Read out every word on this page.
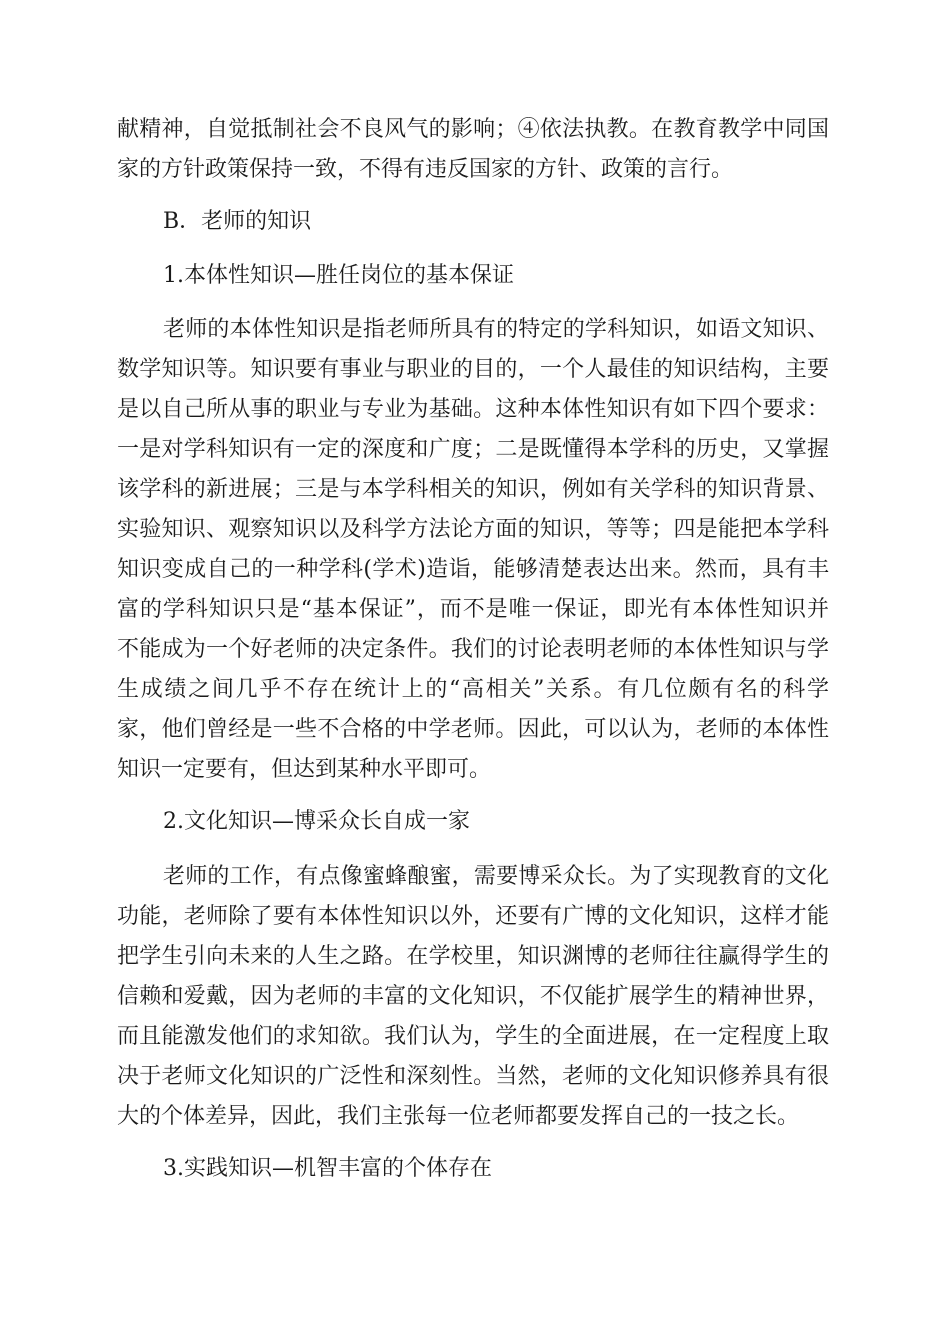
献精神，自觉抵制社会不良风气的影响；④依法执教。在教育教学中同国
家的方针政策保持一致，不得有违反国家的方针、政策的言行。
B．老师的知识
1.本体性知识—胜任岗位的基本保证
老师的本体性知识是指老师所具有的特定的学科知识，如语文知识、
数学知识等。知识要有事业与职业的目的，一个人最佳的知识结构，主要
是以自己所从事的职业与专业为基础。这种本体性知识有如下四个要求：
一是对学科知识有一定的深度和广度；二是既懂得本学科的历史，又掌握
该学科的新进展；三是与本学科相关的知识，例如有关学科的知识背景、
实验知识、观察知识以及科学方法论方面的知识，等等；四是能把本学科
知识变成自己的一种学科(学术)造诣，能够清楚表达出来。然而，具有丰
富的学科知识只是“基本保证”，而不是唯一保证，即光有本体性知识并
不能成为一个好老师的决定条件。我们的讨论表明老师的本体性知识与学
生成绩之间几乎不存在统计上的“高相关”关系。有几位颇有名的科学
家，他们曾经是一些不合格的中学老师。因此，可以认为，老师的本体性
知识一定要有，但达到某种水平即可。
2.文化知识—博采众长自成一家
老师的工作，有点像蜜蜂酿蜜，需要博采众长。为了实现教育的文化
功能，老师除了要有本体性知识以外，还要有广博的文化知识，这样才能
把学生引向未来的人生之路。在学校里，知识渊博的老师往往赢得学生的
信赖和爱戴，因为老师的丰富的文化知识，不仅能扩展学生的精神世界，
而且能激发他们的求知欲。我们认为，学生的全面进展，在一定程度上取
决于老师文化知识的广泛性和深刻性。当然，老师的文化知识修养具有很
大的个体差异，因此，我们主张每一位老师都要发挥自己的一技之长。
3.实践知识—机智丰富的个体存在
